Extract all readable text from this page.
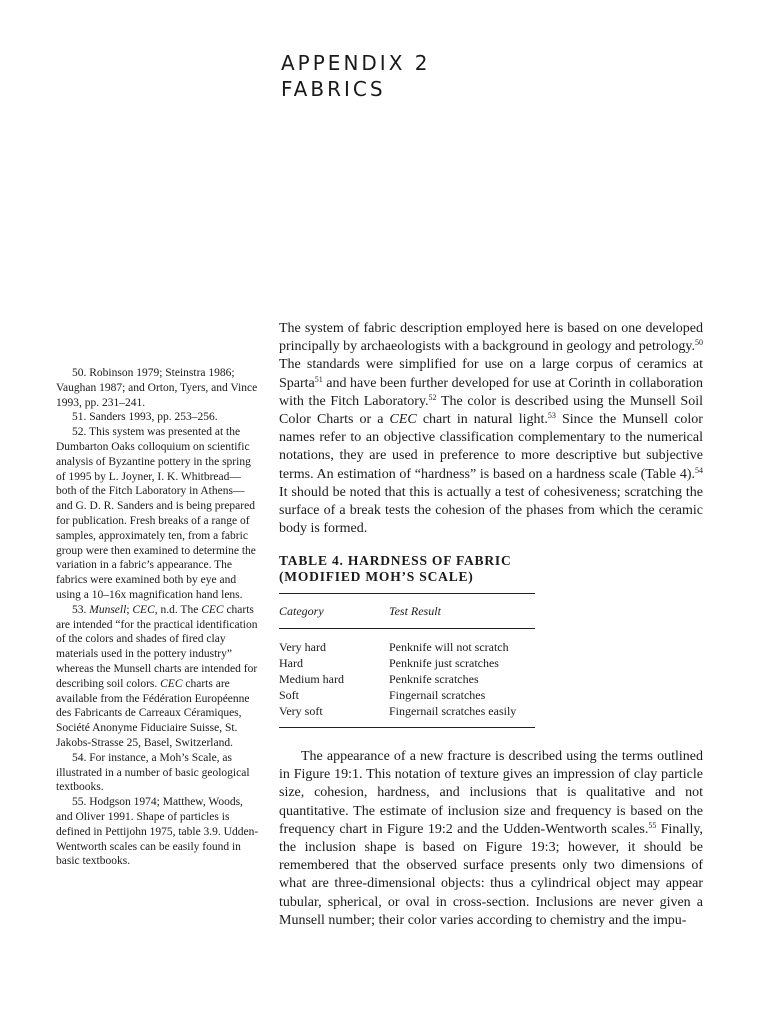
APPENDIX 2
FABRICS

50. Robinson 1979; Steinstra 1986; Vaughan 1987; and Orton, Tyers, and Vince 1993, pp. 231–241.

51. Sanders 1993, pp. 253–256.

52. This system was presented at the Dumbarton Oaks colloquium on scientific analysis of Byzantine pottery in the spring of 1995 by L. Joyner, I. K. Whitbread—both of the Fitch Laboratory in Athens—and G. D. R. Sanders and is being prepared for publication. Fresh breaks of a range of samples, approximately ten, from a fabric group were then examined to determine the variation in a fabric’s appearance. The fabrics were examined both by eye and using a 10–16x magnification hand lens.

53. Munsell; CEC, n.d. The CEC charts are intended “for the practical identification of the colors and shades of fired clay materials used in the pottery industry” whereas the Munsell charts are intended for describing soil colors. CEC charts are available from the Fédération Européenne des Fabricants de Carreaux Céramiques, Société Anonyme Fiduciaire Suisse, St. Jakobs-Strasse 25, Basel, Switzerland.

54. For instance, a Moh’s Scale, as illustrated in a number of basic geological textbooks.

55. Hodgson 1974; Matthew, Woods, and Oliver 1991. Shape of particles is defined in Pettijohn 1975, table 3.9. Udden-Wentworth scales can be easily found in basic textbooks.

The system of fabric description employed here is based on one developed principally by archaeologists with a background in geology and petrology.$^{50}$ The standards were simplified for use on a large corpus of ceramics at Sparta$^{51}$ and have been further developed for use at Corinth in collaboration with the Fitch Laboratory.$^{52}$ The color is described using the Munsell Soil Color Charts or a CEC chart in natural light.$^{53}$ Since the Munsell color names refer to an objective classification complementary to the numerical notations, they are used in preference to more descriptive but subjective terms. An estimation of “hardness” is based on a hardness scale (Table 4).$^{54}$ It should be noted that this is actually a test of cohesiveness; scratching the surface of a break tests the cohesion of the phases from which the ceramic body is formed.

TABLE 4. HARDNESS OF FABRIC
(MODIFIED MOH’S SCALE)
Category	Test Result
Very hard	Penknife will not scratch
Hard	Penknife just scratches
Medium hard	Penknife scratches
Soft	Fingernail scratches
Very soft	Fingernail scratches easily

The appearance of a new fracture is described using the terms outlined in Figure 19:1. This notation of texture gives an impression of clay particle size, cohesion, hardness, and inclusions that is qualitative and not quantitative. The estimate of inclusion size and frequency is based on the frequency chart in Figure 19:2 and the Udden-Wentworth scales.$^{55}$ Finally, the inclusion shape is based on Figure 19:3; however, it should be remembered that the observed surface presents only two dimensions of what are three-dimensional objects: thus a cylindrical object may appear tubular, spherical, or oval in cross-section. Inclusions are never given a Munsell number; their color varies according to chemistry and the impu-
